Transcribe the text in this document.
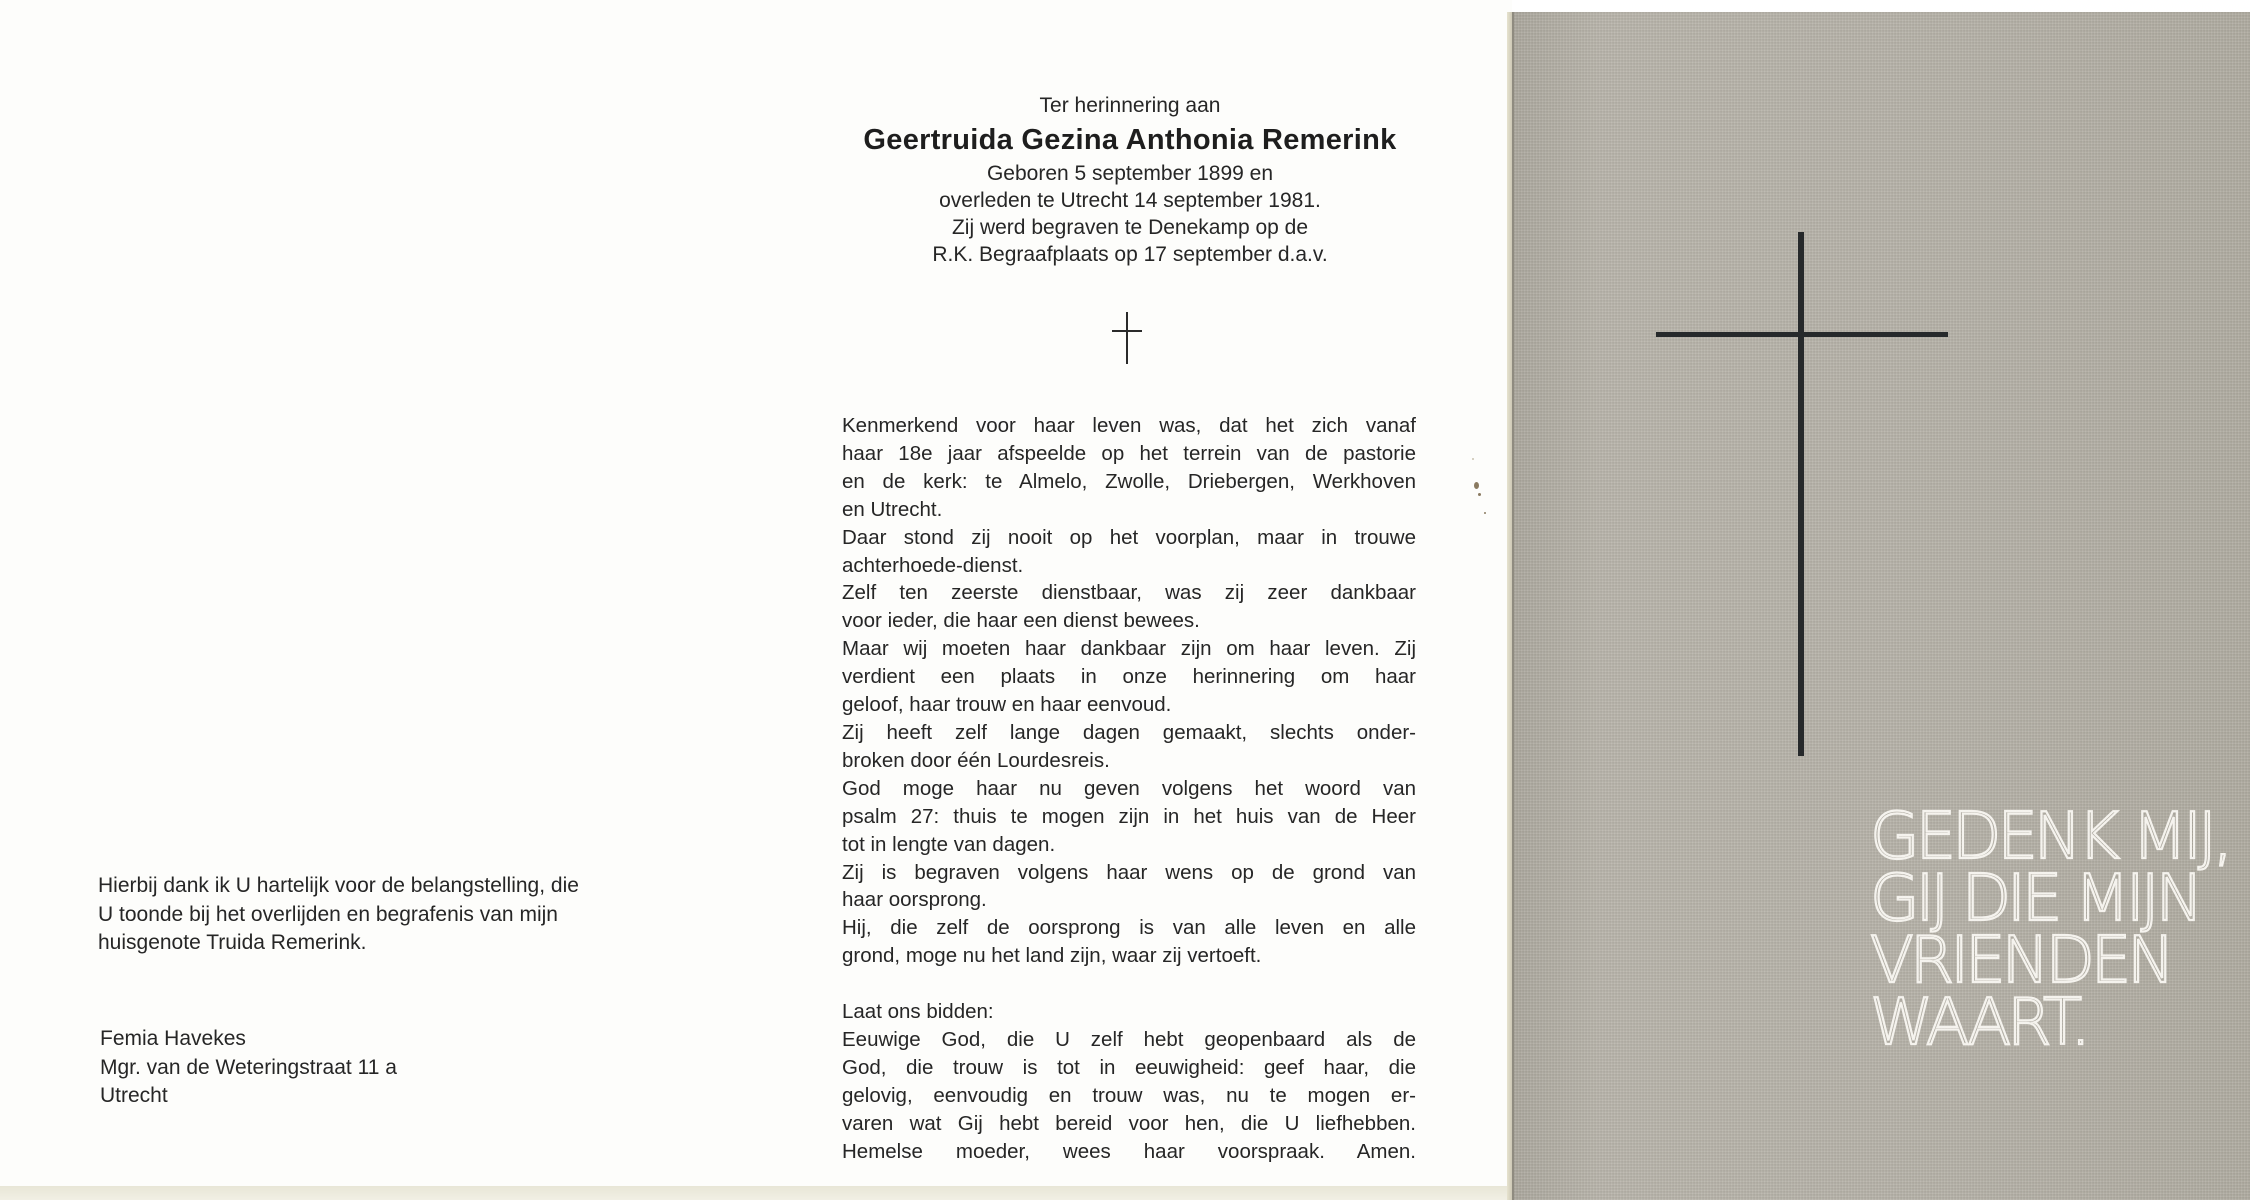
Ter herinnering aan
Geertruida Gezina Anthonia Remerink
Geboren 5 september 1899 en
overleden te Utrecht 14 september 1981.
Zij werd begraven te Denekamp op de
R.K. Begraafplaats op 17 september d.a.v.

Kenmerkend voor haar leven was, dat het zich vanaf

haar 18e jaar afspeelde op het terrein van de pastorie

en de kerk: te Almelo, Zwolle, Driebergen, Werkhoven

en Utrecht.

Daar stond zij nooit op het voorplan, maar in trouwe

achterhoede-dienst.

Zelf ten zeerste dienstbaar, was zij zeer dankbaar

voor ieder, die haar een dienst bewees.

Maar wij moeten haar dankbaar zijn om haar leven. Zij

verdient een plaats in onze herinnering om haar

geloof, haar trouw en haar eenvoud.

Zij heeft zelf lange dagen gemaakt, slechts onder-

broken door één Lourdesreis.

God moge haar nu geven volgens het woord van

psalm 27: thuis te mogen zijn in het huis van de Heer

tot in lengte van dagen.

Zij is begraven volgens haar wens op de grond van

haar oorsprong.

Hij, die zelf de oorsprong is van alle leven en alle

grond, moge nu het land zijn, waar zij vertoeft.

Laat ons bidden:

Eeuwige God, die U zelf hebt geopenbaard als de

God, die trouw is tot in eeuwigheid: geef haar, die

gelovig, eenvoudig en trouw was, nu te mogen er-

varen wat Gij hebt bereid voor hen, die U liefhebben.

Hemelse moeder, wees haar voorspraak. Amen.

Hierbij dank ik U hartelijk voor de belangstelling, die

U toonde bij het overlijden en begrafenis van mijn

huisgenote Truida Remerink.

Femia Havekes
Mgr. van de Weteringstraat 11 a
Utrecht
GEDENK MIJ,
GIJ DIE MIJN
VRIENDEN
WAART.
